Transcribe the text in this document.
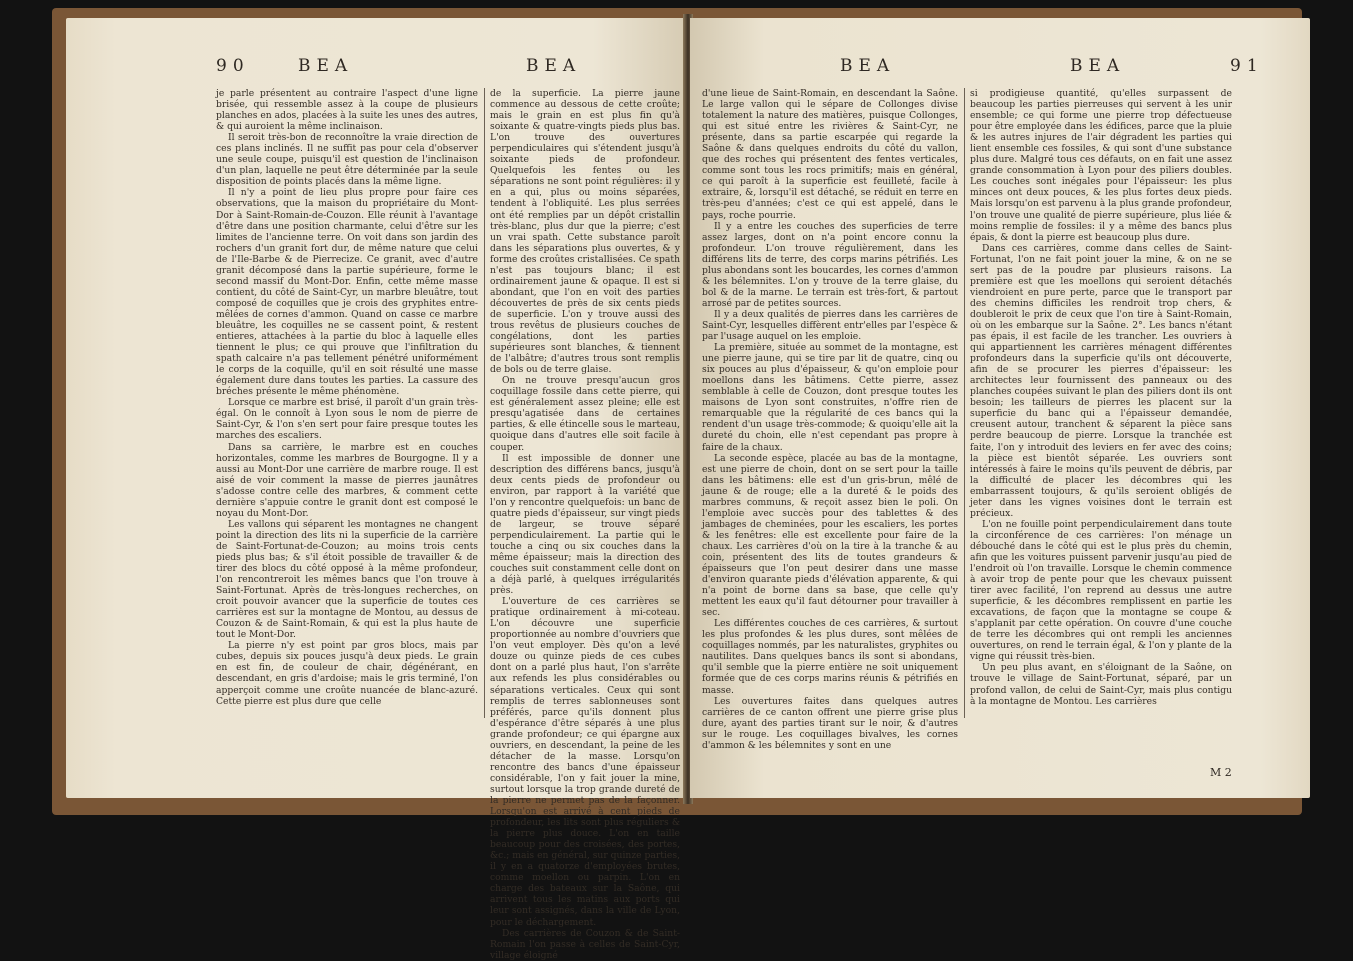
90	BEA	BEA

je parle présentent au contraire l'aspect d'une ligne brisée, qui ressemble assez à la coupe de plusieurs planches en ados, placées à la suite les unes des autres, & qui auroient la même inclinaison.

Il seroit très-bon de reconnoître la vraie direction de ces plans inclinés. Il ne suffit pas pour cela d'observer une seule coupe, puisqu'il est question de l'inclinaison d'un plan, laquelle ne peut être déterminée par la seule disposition de points placés dans la même ligne.

Il n'y a point de lieu plus propre pour faire ces observations, que la maison du propriétaire du Mont-Dor à Saint-Romain-de-Couzon. Elle réunit à l'avantage d'être dans une position charmante, celui d'être sur les limites de l'ancienne terre. On voit dans son jardin des rochers d'un granit fort dur, de même nature que celui de l'Ile-Barbe & de Pierrecize. Ce granit, avec d'autre granit décomposé dans la partie supérieure, forme le second massif du Mont-Dor. Enfin, cette même masse contient, du côté de Saint-Cyr, un marbre bleuâtre, tout composé de coquilles que je crois des gryphites entre-mêlées de cornes d'ammon. Quand on casse ce marbre bleuâtre, les coquilles ne se cassent point, & restent entieres, attachées à la partie du bloc à laquelle elles tiennent le plus; ce qui prouve que l'infiltration du spath calcaire n'a pas tellement pénétré uniformément le corps de la coquille, qu'il en soit résulté une masse également dure dans toutes les parties. La cassure des bréches présente le même phénomène.

Lorsque ce marbre est brisé, il paroît d'un grain très-égal. On le connoît à Lyon sous le nom de pierre de Saint-Cyr, & l'on s'en sert pour faire presque toutes les marches des escaliers.

Dans sa carrière, le marbre est en couches horizontales, comme les marbres de Bourgogne. Il y a aussi au Mont-Dor une carrière de marbre rouge. Il est aisé de voir comment la masse de pierres jaunâtres s'adosse contre celle des marbres, & comment cette dernière s'appuie contre le granit dont est composé le noyau du Mont-Dor.

Les vallons qui séparent les montagnes ne changent point la direction des lits ni la superficie de la carrière de Saint-Fortunat-de-Couzon; au moins trois cents pieds plus bas; & s'il étoit possible de travailler & de tirer des blocs du côté opposé à la même profondeur, l'on rencontreroit les mêmes bancs que l'on trouve à Saint-Fortunat. Après de très-longues recherches, on croit pouvoir avancer que la superficie de toutes ces carrières est sur la montagne de Montou, au dessus de Couzon & de Saint-Romain, & qui est la plus haute de tout le Mont-Dor.

La pierre n'y est point par gros blocs, mais par cubes, depuis six pouces jusqu'à deux pieds. Le grain en est fin, de couleur de chair, dégénérant, en descendant, en gris d'ardoise; mais le gris terminé, l'on apperçoit comme une croûte nuancée de blanc-azuré. Cette pierre est plus dure que celle

de la superficie. La pierre jaune commence au dessous de cette croûte; mais le grain en est plus fin qu'à soixante & quatre-vingts pieds plus bas. L'on trouve des ouvertures perpendiculaires qui s'étendent jusqu'à soixante pieds de profondeur. Quelquefois les fentes ou les séparations ne sont point régulières: il y en a qui, plus ou moins séparées, tendent à l'obliquité. Les plus serrées ont été remplies par un dépôt cristallin très-blanc, plus dur que la pierre; c'est un vrai spath. Cette substance paroît dans les séparations plus ouvertes, & y forme des croûtes cristallisées. Ce spath n'est pas toujours blanc; il est ordinairement jaune & opaque. Il est si abondant, que l'on en voit des parties découvertes de près de six cents pieds de superficie. L'on y trouve aussi des trous revêtus de plusieurs couches de congélations, dont les parties supérieures sont blanches, & tiennent de l'albâtre; d'autres trous sont remplis de bols ou de terre glaise.

On ne trouve presqu'aucun gros coquillage fossile dans cette pierre, qui est généralement assez pleine; elle est presqu'agatisée dans de certaines parties, & elle étincelle sous le marteau, quoique dans d'autres elle soit facile à couper.

Il est impossible de donner une description des différens bancs, jusqu'à deux cents pieds de profondeur ou environ, par rapport à la variété que l'on y rencontre quelquefois: un banc de quatre pieds d'épaisseur, sur vingt pieds de largeur, se trouve séparé perpendiculairement. La partie qui le touche a cinq ou six couches dans la même épaisseur; mais la direction des couches suit constamment celle dont on a déjà parlé, à quelques irrégularités près.

L'ouverture de ces carrières se pratique ordinairement à mi-coteau. L'on découvre une superficie proportionnée au nombre d'ouvriers que l'on veut employer. Dès qu'on a levé douze ou quinze pieds de ces cubes dont on a parlé plus haut, l'on s'arrête aux refends les plus considérables ou séparations verticales. Ceux qui sont remplis de terres sablonneuses sont préférés, parce qu'ils donnent plus d'espérance d'être séparés à une plus grande profondeur; ce qui épargne aux ouvriers, en descendant, la peine de les détacher de la masse. Lorsqu'on rencontre des bancs d'une épaisseur considérable, l'on y fait jouer la mine, surtout lorsque la trop grande dureté de la pierre ne permet pas de la façonner. Lorsqu'on est arrivé à cent pieds de profondeur, les lits sont plus réguliers & la pierre plus douce. L'on en taille beaucoup pour des croisées, des portes, &c.; mais en général, sur quinze parties, il y en a quatorze d'employées brutes, comme moellon ou parpin. L'on en charge des bateaux sur la Saône, qui arrivent tous les matins aux ports qui leur sont assignés, dans la ville de Lyon, pour le déchargement.

Des carrières de Couzon & de Saint-Romain l'on passe à celles de Saint-Cyr, village éloigné

BEA	BEA	91

d'une lieue de Saint-Romain, en descendant la Saône. Le large vallon qui le sépare de Collonges divise totalement la nature des matières, puisque Collonges, qui est situé entre les rivières & Saint-Cyr, ne présente, dans sa partie escarpée qui regarde la Saône & dans quelques endroits du côté du vallon, que des roches qui présentent des fentes verticales, comme sont tous les rocs primitifs; mais en général, ce qui paroît à la superficie est feuilleté, facile à extraire, &, lorsqu'il est détaché, se réduit en terre en très-peu d'années; c'est ce qui est appelé, dans le pays, roche pourrie.

Il y a entre les couches des superficies de terre assez larges, dont on n'a point encore connu la profondeur. L'on trouve régulièrement, dans les différens lits de terre, des corps marins pétrifiés. Les plus abondans sont les boucardes, les cornes d'ammon & les bélemnites. L'on y trouve de la terre glaise, du bol & de la marne. Le terrain est très-fort, & partout arrosé par de petites sources.

Il y a deux qualités de pierres dans les carrières de Saint-Cyr, lesquelles diffèrent entr'elles par l'espèce & par l'usage auquel on les emploie.

La première, située au sommet de la montagne, est une pierre jaune, qui se tire par lit de quatre, cinq ou six pouces au plus d'épaisseur, & qu'on emploie pour moellons dans les bâtimens. Cette pierre, assez semblable à celle de Couzon, dont presque toutes les maisons de Lyon sont construites, n'offre rien de remarquable que la régularité de ces bancs qui la rendent d'un usage très-commode; & quoiqu'elle ait la dureté du choin, elle n'est cependant pas propre à faire de la chaux.

La seconde espèce, placée au bas de la montagne, est une pierre de choin, dont on se sert pour la taille dans les bâtimens: elle est d'un gris-brun, mêlé de jaune & de rouge; elle a la dureté & le poids des marbres communs, & reçoit assez bien le poli. On l'emploie avec succès pour des tablettes & des jambages de cheminées, pour les escaliers, les portes & les fenêtres: elle est excellente pour faire de la chaux. Les carrières d'où on la tire à la tranche & au coin, présentent des lits de toutes grandeurs & épaisseurs que l'on peut desirer dans une masse d'environ quarante pieds d'élévation apparente, & qui n'a point de borne dans sa base, que celle qu'y mettent les eaux qu'il faut détourner pour travailler à sec.

Les différentes couches de ces carrières, & surtout les plus profondes & les plus dures, sont mêlées de coquillages nommés, par les naturalistes, gryphites ou nautilites. Dans quelques bancs ils sont si abondans, qu'il semble que la pierre entière ne soit uniquement formée que de ces corps marins réunis & pétrifiés en masse.

Les ouvertures faites dans quelques autres carrières de ce canton offrent une pierre grise plus dure, ayant des parties tirant sur le noir, & d'autres sur le rouge. Les coquillages bivalves, les cornes d'ammon & les bélemnites y sont en une

si prodigieuse quantité, qu'elles surpassent de beaucoup les parties pierreuses qui servent à les unir ensemble; ce qui forme une pierre trop défectueuse pour être employée dans les édifices, parce que la pluie & les autres injures de l'air dégradent les parties qui lient ensemble ces fossiles, & qui sont d'une substance plus dure. Malgré tous ces défauts, on en fait une assez grande consommation à Lyon pour des piliers doubles. Les couches sont inégales pour l'épaisseur: les plus minces ont deux pouces, & les plus fortes deux pieds. Mais lorsqu'on est parvenu à la plus grande profondeur, l'on trouve une qualité de pierre supérieure, plus liée & moins remplie de fossiles: il y a même des bancs plus épais, & dont la pierre est beaucoup plus dure.

Dans ces carrières, comme dans celles de Saint-Fortunat, l'on ne fait point jouer la mine, & on ne se sert pas de la poudre par plusieurs raisons. La première est que les moellons qui seroient détachés viendroient en pure perte, parce que le transport par des chemins difficiles les rendroit trop chers, & doubleroit le prix de ceux que l'on tire à Saint-Romain, où on les embarque sur la Saône. 2°. Les bancs n'étant pas épais, il est facile de les trancher. Les ouvriers à qui appartiennent les carrières ménagent différentes profondeurs dans la superficie qu'ils ont découverte, afin de se procurer les pierres d'épaisseur: les architectes leur fournissent des panneaux ou des planches coupées suivant le plan des piliers dont ils ont besoin; les tailleurs de pierres les placent sur la superficie du banc qui a l'épaisseur demandée, creusent autour, tranchent & séparent la pièce sans perdre beaucoup de pierre. Lorsque la tranchée est faite, l'on y introduit des leviers en fer avec des coins; la pièce est bientôt séparée. Les ouvriers sont intéressés à faire le moins qu'ils peuvent de débris, par la difficulté de placer les décombres qui les embarrassent toujours, & qu'ils seroient obligés de jeter dans les vignes voisines dont le terrain est précieux.

L'on ne fouille point perpendiculairement dans toute la circonférence de ces carrières: l'on ménage un débouché dans le côté qui est le plus près du chemin, afin que les voitures puissent parvenir jusqu'au pied de l'endroit où l'on travaille. Lorsque le chemin commence à avoir trop de pente pour que les chevaux puissent tirer avec facilité, l'on reprend au dessus une autre superficie, & les décombres remplissent en partie les excavations, de façon que la montagne se coupe & s'applanit par cette opération. On couvre d'une couche de terre les décombres qui ont rempli les anciennes ouvertures, on rend le terrain égal, & l'on y plante de la vigne qui réussit très-bien.

Un peu plus avant, en s'éloignant de la Saône, on trouve le village de Saint-Fortunat, séparé, par un profond vallon, de celui de Saint-Cyr, mais plus contigu à la montagne de Montou. Les carrières

M 2
